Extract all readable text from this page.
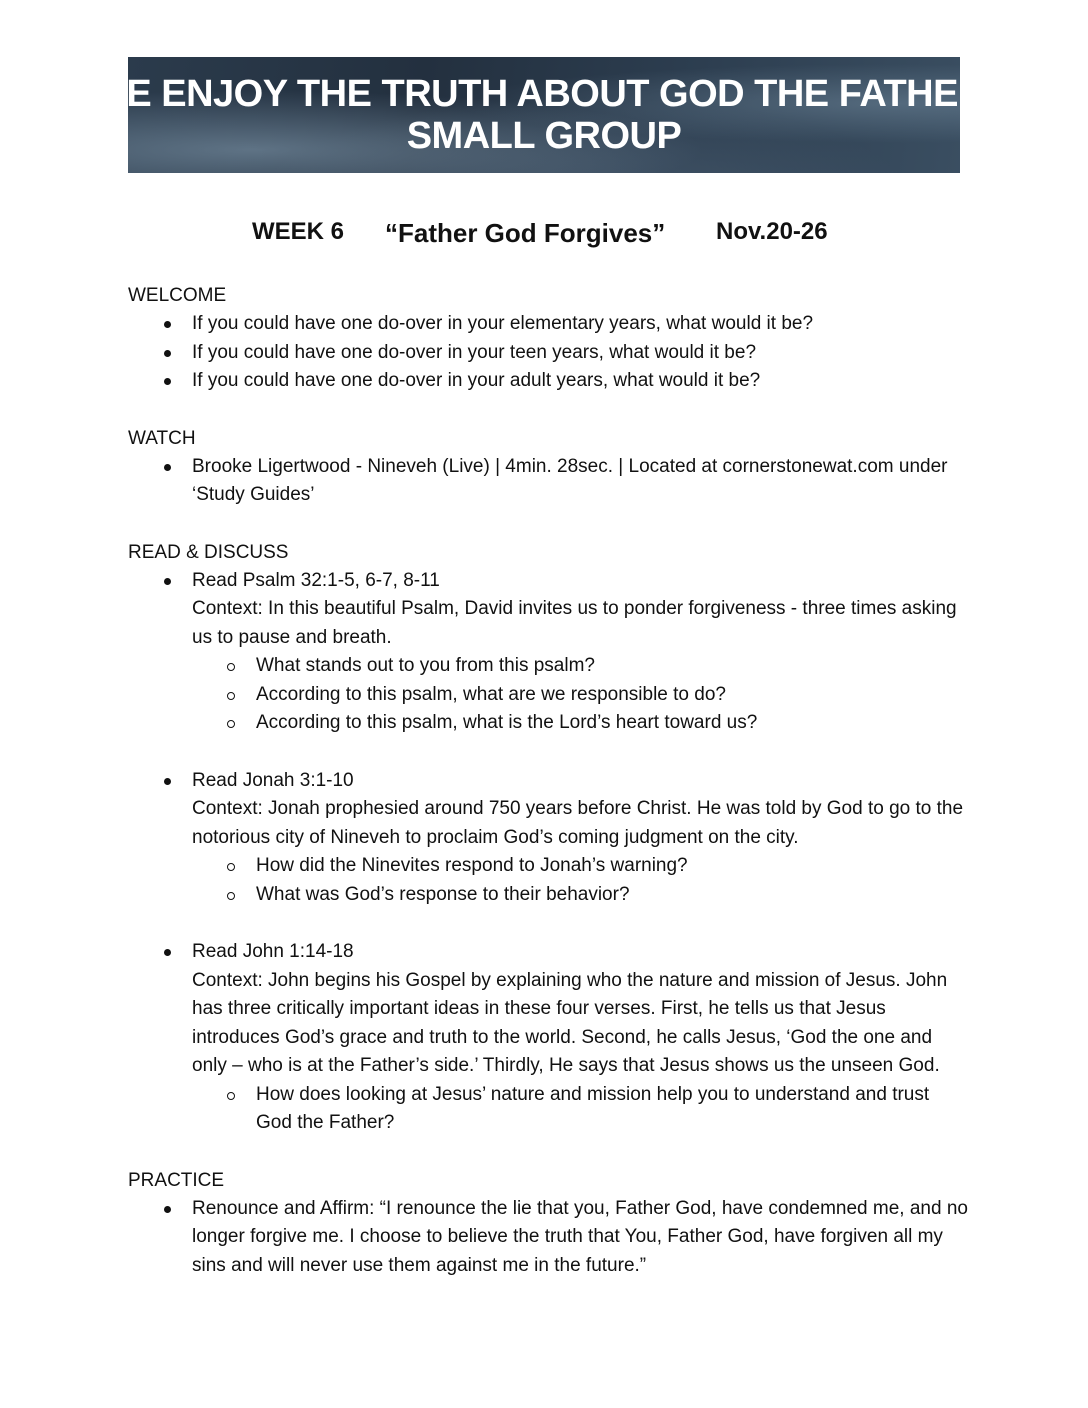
WE ENJOY THE TRUTH ABOUT GOD THE FATHER!
SMALL GROUP
WEEK 6 “Father God Forgives” Nov.20-26
WELCOME
If you could have one do-over in your elementary years, what would it be?
If you could have one do-over in your teen years, what would it be?
If you could have one do-over in your adult years, what would it be?
WATCH
Brooke Ligertwood - Nineveh (Live) | 4min. 28sec. | Located at cornerstonewat.com under ‘Study Guides’
READ & DISCUSS
Read Psalm 32:1-5, 6-7, 8-11
Context: In this beautiful Psalm, David invites us to ponder forgiveness - three times asking us to pause and breath.
What stands out to you from this psalm?
According to this psalm, what are we responsible to do?
According to this psalm, what is the Lord’s heart toward us?
Read Jonah 3:1-10
Context: Jonah prophesied around 750 years before Christ. He was told by God to go to the notorious city of Nineveh to proclaim God’s coming judgment on the city.
How did the Ninevites respond to Jonah’s warning?
What was God’s response to their behavior?
Read John 1:14-18
Context: John begins his Gospel by explaining who the nature and mission of Jesus. John has three critically important ideas in these four verses. First, he tells us that Jesus introduces God’s grace and truth to the world. Second, he calls Jesus, ‘God the one and only – who is at the Father’s side.’ Thirdly, He says that Jesus shows us the unseen God.
How does looking at Jesus’ nature and mission help you to understand and trust God the Father?
PRACTICE
Renounce and Affirm: “I renounce the lie that you, Father God, have condemned me, and no longer forgive me. I choose to believe the truth that You, Father God, have forgiven all my sins and will never use them against me in the future.”
